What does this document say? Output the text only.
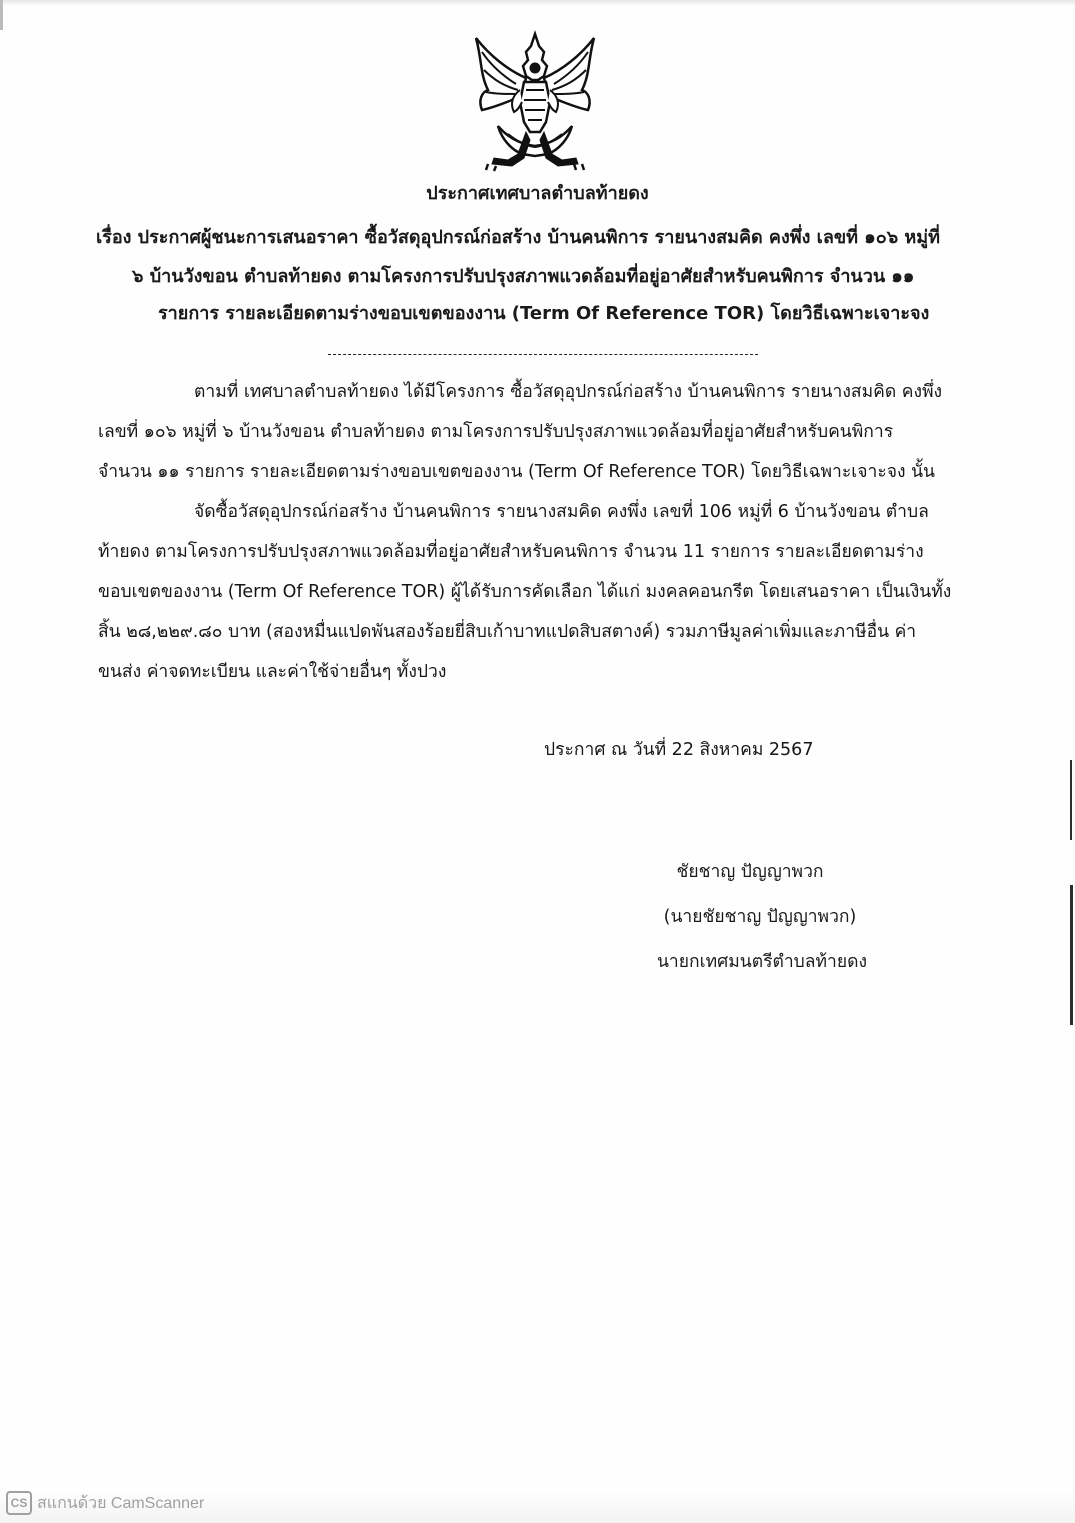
ประกาศเทศบาลตำบลท้ายดง
เรื่อง ประกาศผู้ชนะการเสนอราคา ซื้อวัสดุอุปกรณ์ก่อสร้าง บ้านคนพิการ รายนางสมคิด คงพึ่ง เลขที่ ๑๐๖ หมู่ที่
๖ บ้านวังขอน ตำบลท้ายดง ตามโครงการปรับปรุงสภาพแวดล้อมที่อยู่อาศัยสำหรับคนพิการ จำนวน ๑๑
รายการ รายละเอียดตามร่างขอบเขตของงาน (Term Of Reference TOR) โดยวิธีเฉพาะเจาะจง
ตามที่ เทศบาลตำบลท้ายดง ได้มีโครงการ ซื้อวัสดุอุปกรณ์ก่อสร้าง บ้านคนพิการ รายนางสมคิด คงพึ่ง
เลขที่ ๑๐๖ หมู่ที่ ๖ บ้านวังขอน ตำบลท้ายดง ตามโครงการปรับปรุงสภาพแวดล้อมที่อยู่อาศัยสำหรับคนพิการ
จำนวน ๑๑ รายการ รายละเอียดตามร่างขอบเขตของงาน (Term Of Reference TOR) โดยวิธีเฉพาะเจาะจง นั้น
จัดซื้อวัสดุอุปกรณ์ก่อสร้าง บ้านคนพิการ รายนางสมคิด คงพึ่ง เลขที่ 106 หมู่ที่ 6 บ้านวังขอน ตำบล
ท้ายดง ตามโครงการปรับปรุงสภาพแวดล้อมที่อยู่อาศัยสำหรับคนพิการ จำนวน 11 รายการ รายละเอียดตามร่าง
ขอบเขตของงาน (Term Of Reference TOR) ผู้ได้รับการคัดเลือก ได้แก่ มงคลคอนกรีต โดยเสนอราคา เป็นเงินทั้ง
สิ้น ๒๘,๒๒๙.๘๐ บาท (สองหมื่นแปดพันสองร้อยยี่สิบเก้าบาทแปดสิบสตางค์) รวมภาษีมูลค่าเพิ่มและภาษีอื่น ค่า
ขนส่ง ค่าจดทะเบียน และค่าใช้จ่ายอื่นๆ ทั้งปวง
ประกาศ ณ วันที่ 22 สิงหาคม 2567
ชัยชาญ ปัญญาพวก
(นายชัยชาญ ปัญญาพวก)
นายกเทศมนตรีตำบลท้ายดง
CS สแกนด้วย CamScanner
